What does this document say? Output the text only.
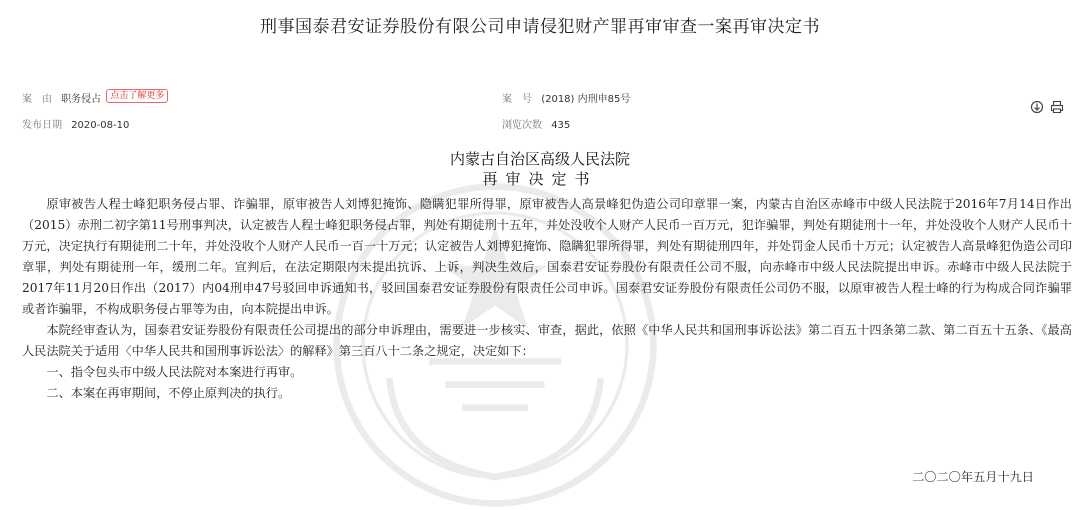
刑事国泰君安证券股份有限公司申请侵犯财产罪再审审查一案再审决定书
案　由 职务侵占 点击了解更多	案　号 (2018) 内刑申85号
发布日期 2020-08-10	浏览次数 435

内蒙古自治区高级人民法院
再审决定书

原审被告人程士峰犯职务侵占罪、诈骗罪，原审被告人刘博犯掩饰、隐瞒犯罪所得罪，原审被告人高景峰犯伪造公司印章罪一案，内蒙古自治区赤峰市中级人民法院于2016年7月14日作出（2015）赤刑二初字第11号刑事判决，认定被告人程士峰犯职务侵占罪，判处有期徒刑十五年，并处没收个人财产人民币一百万元，犯诈骗罪，判处有期徒刑十一年，并处没收个人财产人民币十万元，决定执行有期徒刑二十年，并处没收个人财产人民币一百一十万元；认定被告人刘博犯掩饰、隐瞒犯罪所得罪，判处有期徒刑四年，并处罚金人民币十万元；认定被告人高景峰犯伪造公司印章罪，判处有期徒刑一年，缓刑二年。宣判后，在法定期限内未提出抗诉、上诉，判决生效后，国泰君安证券股份有限责任公司不服，向赤峰市中级人民法院提出申诉。赤峰市中级人民法院于2017年11月20日作出（2017）内04刑申47号驳回申诉通知书，驳回国泰君安证券股份有限责任公司申诉。国泰君安证券股份有限责任公司仍不服，以原审被告人程士峰的行为构成合同诈骗罪或者诈骗罪，不构成职务侵占罪等为由，向本院提出申诉。

本院经审查认为，国泰君安证券股份有限责任公司提出的部分申诉理由，需要进一步核实、审查，据此，依照《中华人民共和国刑事诉讼法》第二百五十四条第二款、第二百五十五条、《最高人民法院关于适用〈中华人民共和国刑事诉讼法〉的解释》第三百八十二条之规定，决定如下：

一、指令包头市中级人民法院对本案进行再审。

二、本案在再审期间，不停止原判决的执行。

二〇二〇年五月十九日
